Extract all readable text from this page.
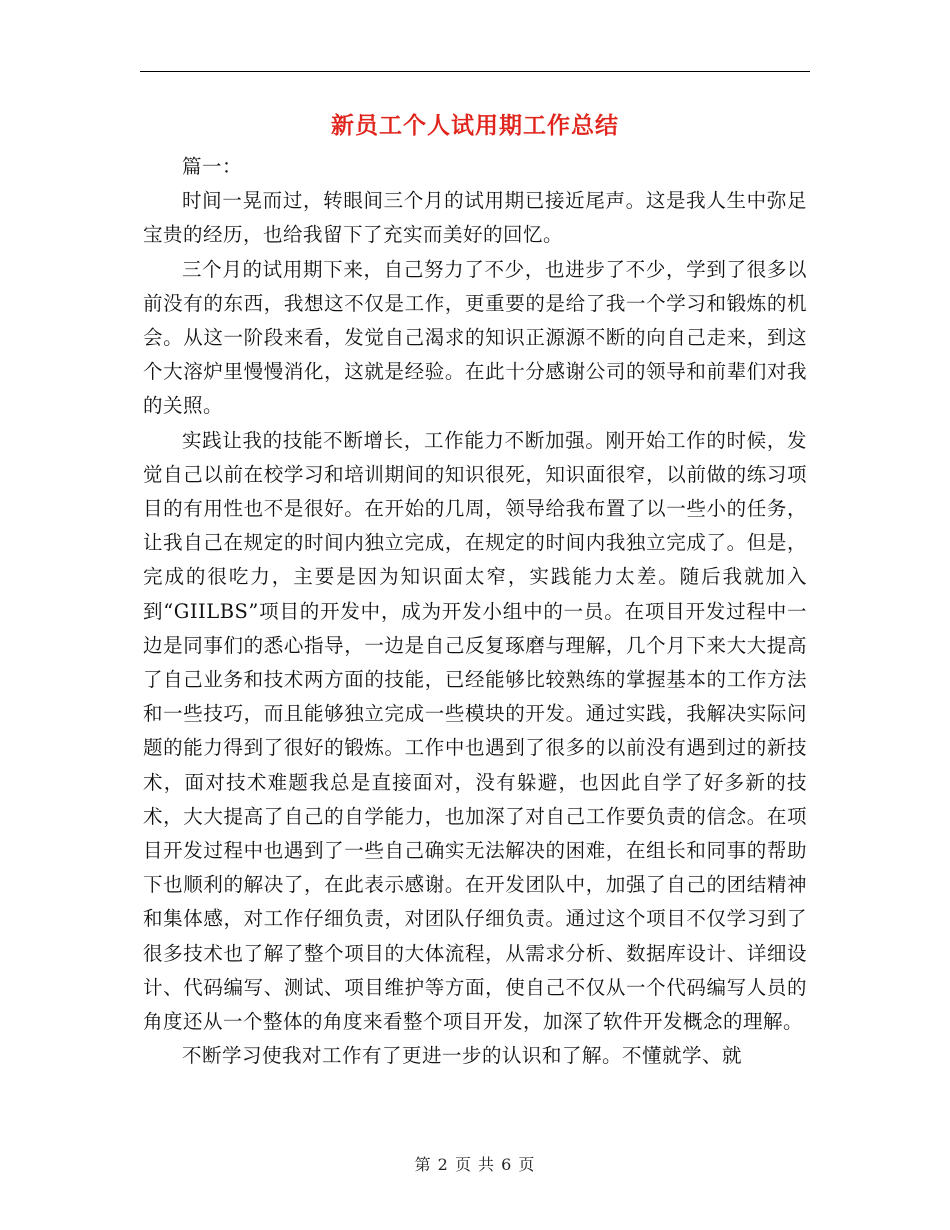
新员工个人试用期工作总结

篇一：

时间一晃而过，转眼间三个月的试用期已接近尾声。这是我人生中弥足宝贵的经历，也给我留下了充实而美好的回忆。

三个月的试用期下来，自己努力了不少，也进步了不少，学到了很多以前没有的东西，我想这不仅是工作，更重要的是给了我一个学习和锻炼的机会。从这一阶段来看，发觉自己渴求的知识正源源不断的向自己走来，到这个大溶炉里慢慢消化，这就是经验。在此十分感谢公司的领导和前辈们对我的关照。

实践让我的技能不断增长，工作能力不断加强。刚开始工作的时候，发觉自己以前在校学习和培训期间的知识很死，知识面很窄，以前做的练习项目的有用性也不是很好。在开始的几周，领导给我布置了以一些小的任务，让我自己在规定的时间内独立完成，在规定的时间内我独立完成了。但是，完成的很吃力，主要是因为知识面太窄，实践能力太差。随后我就加入到“GIILBS”项目的开发中，成为开发小组中的一员。在项目开发过程中一边是同事们的悉心指导，一边是自己反复琢磨与理解，几个月下来大大提高了自己业务和技术两方面的技能，已经能够比较熟练的掌握基本的工作方法和一些技巧，而且能够独立完成一些模块的开发。通过实践，我解决实际问题的能力得到了很好的锻炼。工作中也遇到了很多的以前没有遇到过的新技术，面对技术难题我总是直接面对，没有躲避，也因此自学了好多新的技术，大大提高了自己的自学能力，也加深了对自己工作要负责的信念。在项目开发过程中也遇到了一些自己确实无法解决的困难，在组长和同事的帮助下也顺利的解决了，在此表示感谢。在开发团队中，加强了自己的团结精神和集体感，对工作仔细负责，对团队仔细负责。通过这个项目不仅学习到了很多技术也了解了整个项目的大体流程，从需求分析、数据库设计、详细设计、代码编写、测试、项目维护等方面，使自己不仅从一个代码编写人员的角度还从一个整体的角度来看整个项目开发，加深了软件开发概念的理解。

不断学习使我对工作有了更进一步的认识和了解。不懂就学、就

第 2 页 共 6 页
